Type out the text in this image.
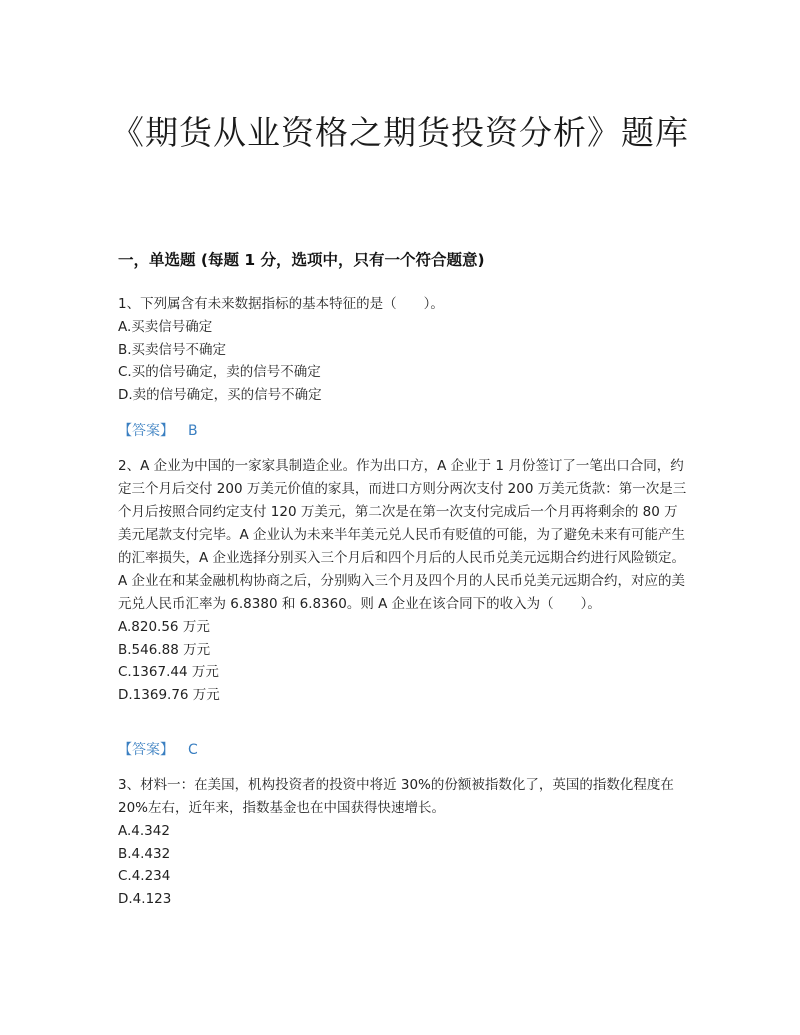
《期货从业资格之期货投资分析》题库
一，单选题 (每题 1 分，选项中，只有一个符合题意)

1、下列属含有未来数据指标的基本特征的是（　　）。

A.买卖信号确定

B.买卖信号不确定

C.买的信号确定，卖的信号不确定

D.卖的信号确定，买的信号不确定

【答案】 B

2、A 企业为中国的一家家具制造企业。作为出口方，A 企业于 1 月份签订了一笔出口合同，约定三个月后交付 200 万美元价值的家具，而进口方则分两次支付 200 万美元货款：第一次是三个月后按照合同约定支付 120 万美元，第二次是在第一次支付完成后一个月再将剩余的 80 万美元尾款支付完毕。A 企业认为未来半年美元兑人民币有贬值的可能，为了避免未来有可能产生的汇率损失，A 企业选择分别买入三个月后和四个月后的人民币兑美元远期合约进行风险锁定。A 企业在和某金融机构协商之后，分别购入三个月及四个月的人民币兑美元远期合约，对应的美元兑人民币汇率为 6.8380 和 6.8360。则 A 企业在该合同下的收入为（　　）。

A.820.56 万元

B.546.88 万元

C.1367.44 万元

D.1369.76 万元

【答案】 C

3、材料一：在美国，机构投资者的投资中将近 30%的份额被指数化了，英国的指数化程度在 20%左右，近年来，指数基金也在中国获得快速增长。

A.4.342

B.4.432

C.4.234

D.4.123
